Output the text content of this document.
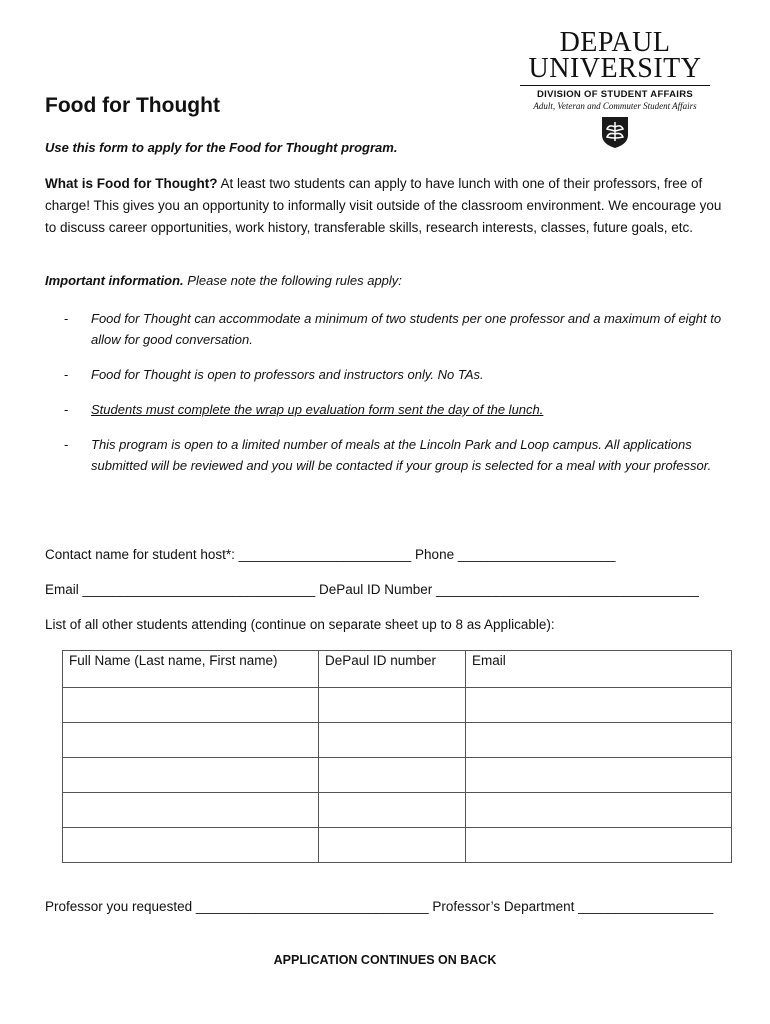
DEPAUL
UNIVERSITY
DIVISION OF STUDENT AFFAIRS
Adult, Veteran and Commuter Student Affairs
Food for Thought
Use this form to apply for the Food for Thought program.
What is Food for Thought? At least two students can apply to have lunch with one of their professors, free of charge! This gives you an opportunity to informally visit outside of the classroom environment. We encourage you to discuss career opportunities, work history, transferable skills, research interests, classes, future goals, etc.
Important information. Please note the following rules apply:
-	Food for Thought can accommodate a minimum of two students per one professor and a maximum of eight to allow for good conversation.
-	Food for Thought is open to professors and instructors only. No TAs.
-	Students must complete the wrap up evaluation form sent the day of the lunch.
-	This program is open to a limited number of meals at the Lincoln Park and Loop campus. All applications submitted will be reviewed and you will be contacted if your group is selected for a meal with your professor.
Contact name for student host*: _______________________ Phone _____________________
Email _______________________________ DePaul ID Number ___________________________________
List of all other students attending (continue on separate sheet up to 8 as Applicable):
Full Name (Last name, First name)	DePaul ID number	Email

Professor you requested _______________________________ Professor’s Department __________________
APPLICATION CONTINUES ON BACK
